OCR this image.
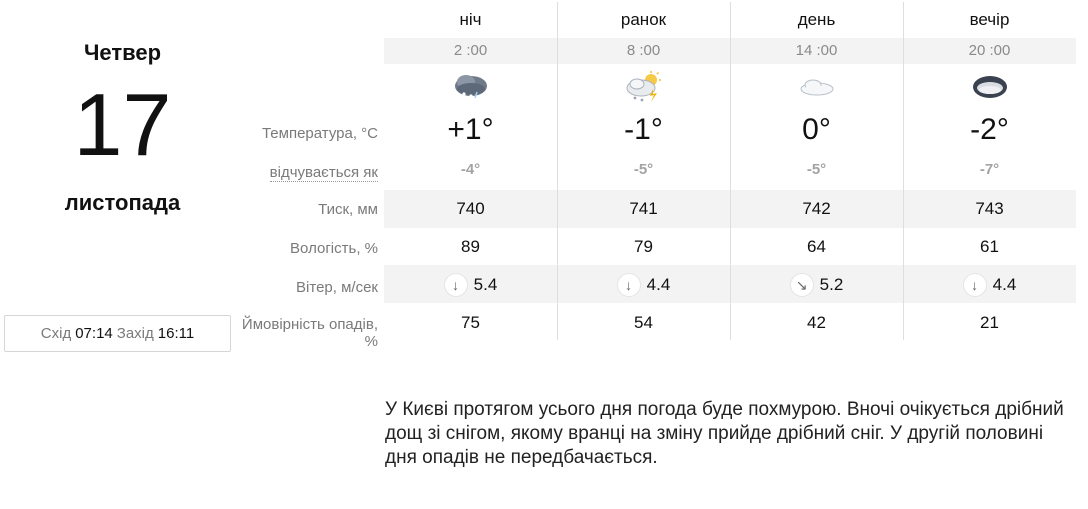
Четвер
17
листопада
Схід 07:14 Захід 16:11
Температура, °C
відчувається як
Тиск, мм
Вологість, %
Вітер, м/сек
Ймовірність опадів, %
ніч
2 :00
+1°
-4°
740
89
↓ 5.4
75
ранок
8 :00
-1°
-5°
741
79
↓ 4.4
54
день
14 :00
0°
-5°
742
64
↘ 5.2
42
вечір
20 :00
-2°
-7°
743
61
↓ 4.4
21
У Києві протягом усього дня погода буде похмурою. Вночі очікується дрібний дощ зі снігом, якому вранці на зміну прийде дрібний сніг. У другій половині дня опадів не передбачається.
